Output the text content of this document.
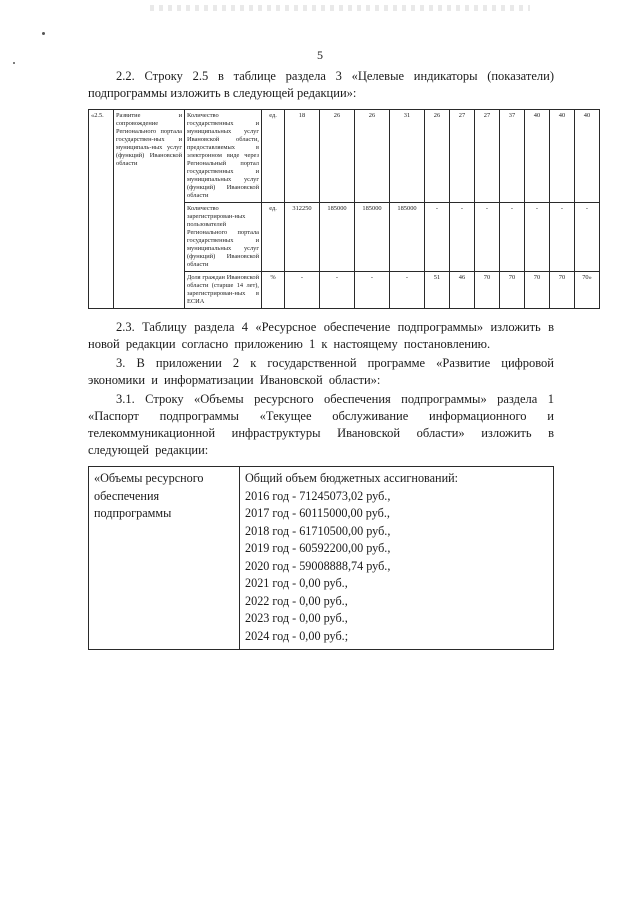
5

2.2. Строку 2.5 в таблице раздела 3 «Целевые индикаторы (показатели) подпрограммы изложить в следующей редакции»:

«2.5.	Развитие и сопровождение Регионального портала государствен-ных и муниципаль-ных услуг (функций) Ивановской области	Количество государственных и муниципальных услуг Ивановской области, предоставляемых в электронном виде через Региональный портал государственных и муниципальных услуг (функций) Ивановской области	ед.	18	26	26	31	26	27	27	37	40	40	40
		Количество зарегистрирован-ных пользователей Регионального портала государственных и муниципальных услуг (функций) Ивановской области	ед.	312250	185000	185000	185000	-	-	-	-	-	-	-
		Доля граждан Ивановской области (старше 14 лет), зарегистрирован-ных в ЕСИА	%	-	-	-	-	51	46	70	70	70	70	70»

2.3. Таблицу раздела 4 «Ресурсное обеспечение подпрограммы» изложить в новой редакции согласно приложению 1 к настоящему постановлению.

3. В приложении 2 к государственной программе «Развитие цифровой экономики и информатизации Ивановской области»:

3.1. Строку «Объемы ресурсного обеспечения подпрограммы» раздела 1 «Паспорт подпрограммы «Текущее обслуживание информационного и телекоммуникационной инфраструктуры Ивановской области» изложить в следующей редакции:

«Объемы ресурсного обеспечения подпрограммы	
Общий объем бюджетных ассигнований:
2016 год - 71245073,02 руб.,
2017 год - 60115000,00 руб.,
2018 год - 61710500,00 руб.,
2019 год - 60592200,00 руб.,
2020 год - 59008888,74 руб.,
2021 год - 0,00 руб.,
2022 год - 0,00 руб.,
2023 год - 0,00 руб.,
2024 год - 0,00 руб.;
